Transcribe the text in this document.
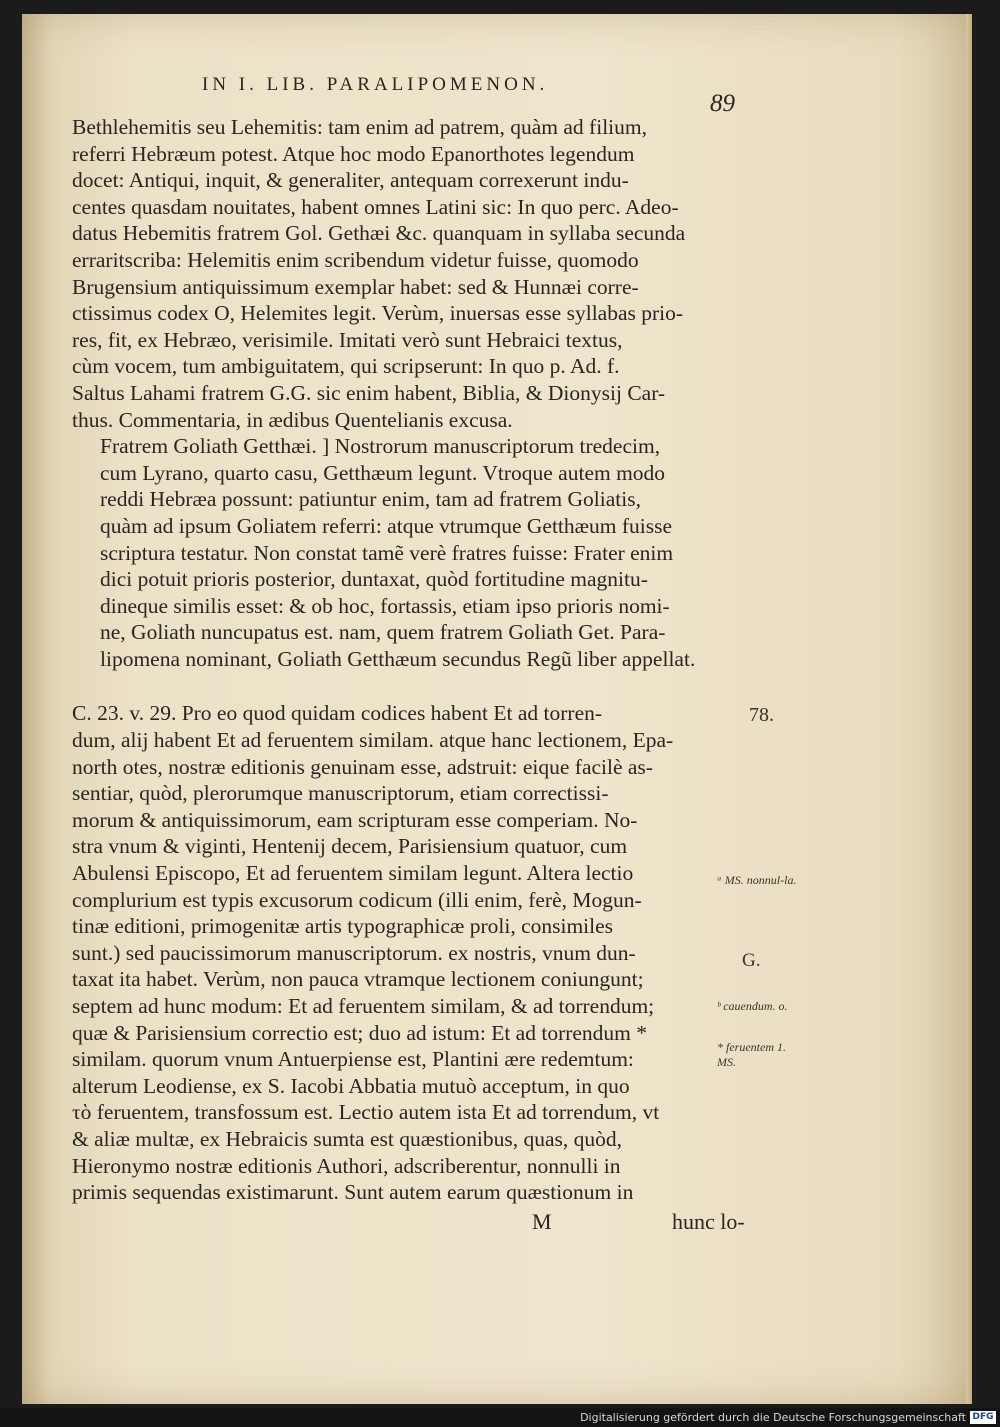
IN I. LIB. PARALIPOMENON.
89
Bethlehemitis seu Lehemitis: tam enim ad patrem, quàm ad filium,
referri Hebræum potest. Atque hoc modo Epanorthotes legendum
docet: Antiqui, inquit, & generaliter, antequam correxerunt indu-
centes quasdam nouitates, habent omnes Latini sic: In quo perc. Adeo-
datus Hebemitis fratrem Gol. Gethæi &c. quanquam in syllaba secunda
erraritscriba: Helemitis enim scribendum videtur fuisse, quomodo
Brugensium antiquissimum exemplar habet: sed & Hunnæi corre-
ctissimus codex O, Helemites legit. Verùm, inuersas esse syllabas prio-
res, fit, ex Hebræo, verisimile. Imitati verò sunt Hebraici textus,
cùm vocem, tum ambiguitatem, qui scripserunt: In quo p. Ad. f.
Saltus Lahami fratrem G.G. sic enim habent, Biblia, & Dionysij Car-
thus. Commentaria, in ædibus Quentelianis excusa.
Fratrem Goliath Getthæi. ] Nostrorum manuscriptorum tredecim,
cum Lyrano, quarto casu, Getthæum legunt. Vtroque autem modo
reddi Hebræa possunt: patiuntur enim, tam ad fratrem Goliatis,
quàm ad ipsum Goliatem referri: atque vtrumque Getthæum fuisse
scriptura testatur. Non constat tamẽ verè fratres fuisse: Frater enim
dici potuit prioris posterior, duntaxat, quòd fortitudine magnitu-
dineque similis esset: & ob hoc, fortassis, etiam ipso prioris nomi-
ne, Goliath nuncupatus est. nam, quem fratrem Goliath Get. Para-
lipomena nominant, Goliath Getthæum secundus Regũ liber appellat.
C. 23. v. 29. Pro eo quod quidam codices habent Et ad torren-
dum, alij habent Et ad feruentem similam. atque hanc lectionem, Epa-
north otes, nostræ editionis genuinam esse, adstruit: eique facilè as-
sentiar, quòd, plerorumque manuscriptorum, etiam correctissi-
morum & antiquissimorum, eam scripturam esse comperiam. No-
stra vnum & viginti, Hentenij decem, Parisiensium quatuor, cum
Abulensi Episcopo, Et ad feruentem similam legunt. Altera lectio
complurium est typis excusorum codicum (illi enim, ferè, Mogun-
tinæ editioni, primogenitæ artis typographicæ proli, consimiles
sunt.) sed paucissimorum manuscriptorum. ex nostris, vnum dun-
taxat ita habet. Verùm, non pauca vtramque lectionem coniungunt;
septem ad hunc modum: Et ad feruentem similam, & ad torrendum;
quæ & Parisiensium correctio est; duo ad istum: Et ad torrendum *
similam. quorum vnum Antuerpiense est, Plantini ære redemtum:
alterum Leodiense, ex S. Iacobi Abbatia mutuò acceptum, in quo
τὸ feruentem, transfossum est. Lectio autem ista Et ad torrendum, vt
& aliæ multæ, ex Hebraicis sumta est quæstionibus, quas, quòd,
Hieronymo nostræ editionis Authori, adscriberentur, nonnulli in
primis sequendas existimarunt. Sunt autem earum quæstionum in
M	hunc lo-
78.
ᵃ MS. nonnul-la.
G.
ᵇ cauendum. o.
* feruentem 1. MS.
Digitalisierung gefördert durch die Deutsche Forschungsgemeinschaft DFG
